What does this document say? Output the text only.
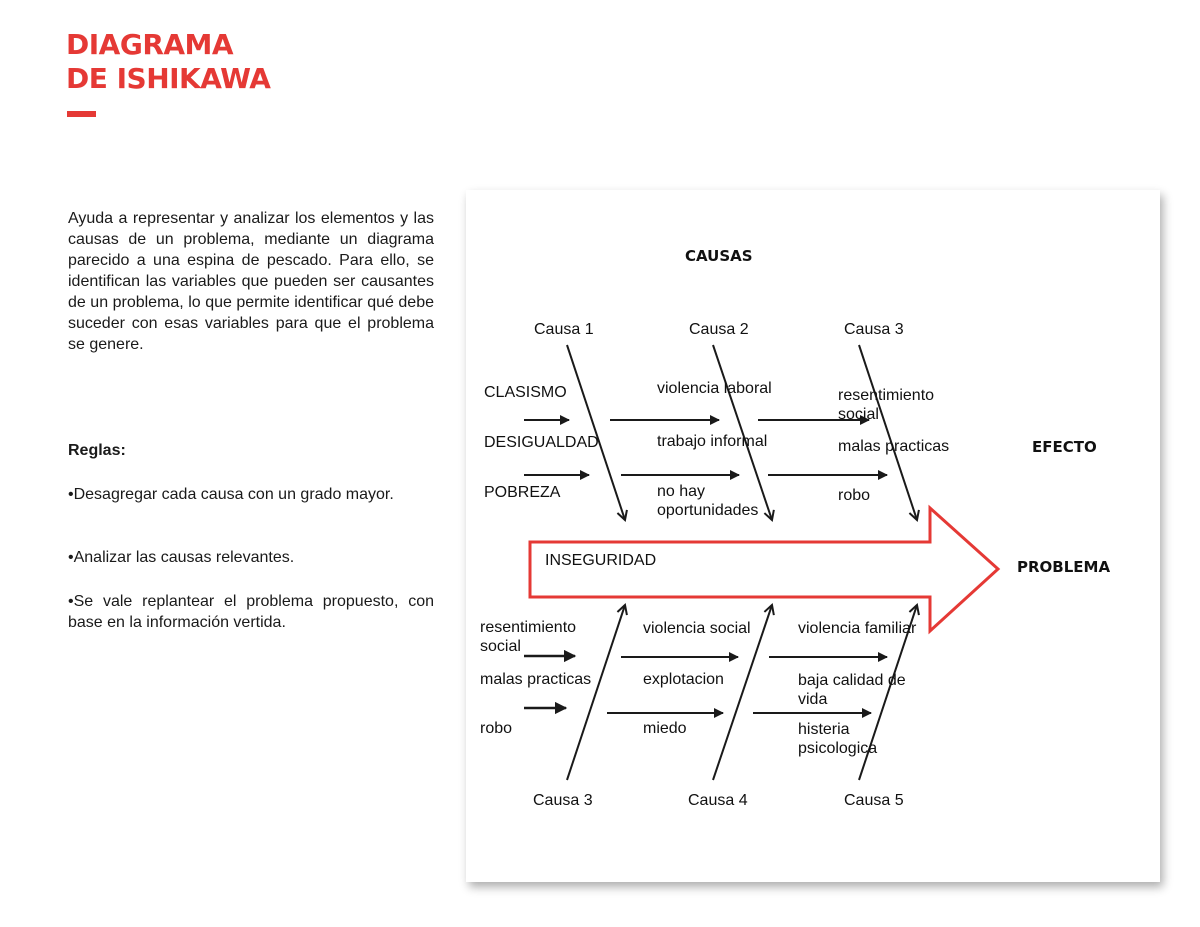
DIAGRAMA
DE ISHIKAWA

Ayuda a representar y analizar los elementos y las causas de un problema, mediante un diagrama parecido a una espina de pescado. Para ello, se identifican las variables que pueden ser causantes de un problema, lo que permite identificar qué debe suceder con esas variables para que el problema se genere.

Reglas:

•Desagregar cada causa con un grado mayor.

•Analizar las causas relevantes.

•Se vale replantear el problema propuesto, con base en la información vertida.

CAUSAS
EFECTO
PROBLEMA
INSEGURIDAD
Causa 1	Causa 2	Causa 3
CLASISMO
DESIGUALDAD
POBREZA
violencia laboral
trabajo informal
no hay oportunidades
resentimiento social
malas practicas
robo
resentimiento social
malas practicas
robo
violencia social
explotacion
miedo
violencia familiar
baja calidad de vida
histeria psicologica
Causa 3	Causa 4	Causa 5
